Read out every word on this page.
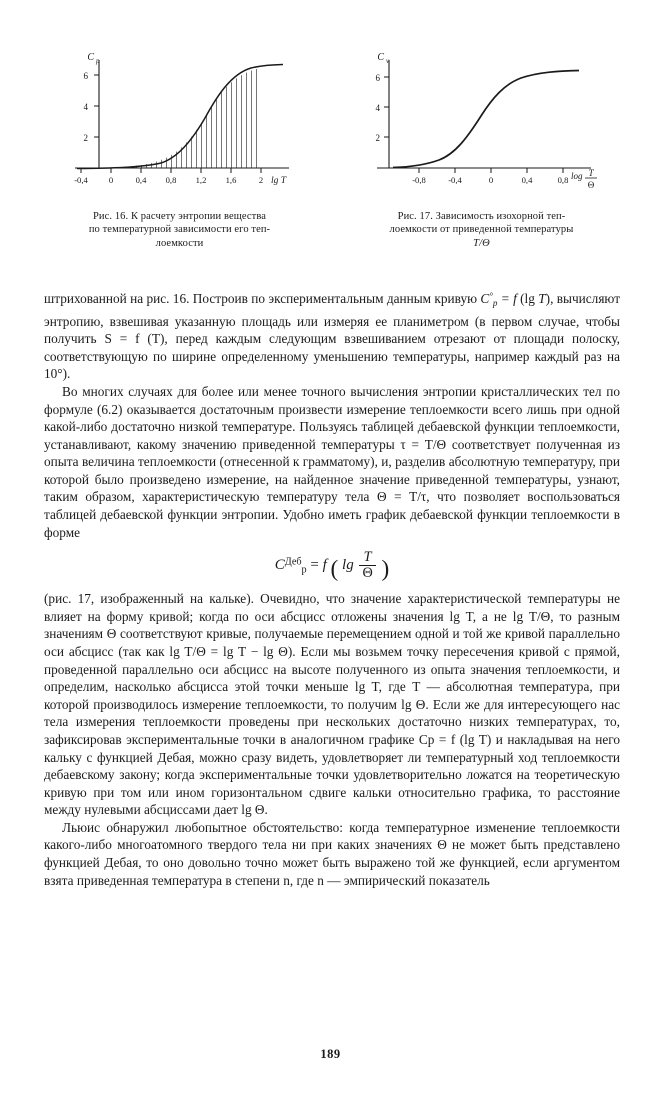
6
4
2
-0,4 0	0,4 0,8 1,2 1,6	2
C p
lg T
Рис. 16. К расчету энтропии вещества
по температурной зависимости его теп-
лоемкости
6
4
2
-0,8	-0,4	0	0,4	0,8
C v
log T
Θ
Рис. 17. Зависимость изохорной теп-
лоемкости от приведенной температуры
T/Θ

штрихованной на рис. 16. Построив по экспериментальным данным кривую $C^\circ_p = f$ (lg T), вычисляют энтропию, взвешивая указанную площадь или измеряя ее планиметром (в первом случае, чтобы получить S = f (T), перед каждым следующим взвешиванием отрезают от площади полоску, соответствующую по ширине определенному уменьшению температуры, например каждый раз на 10°).

Во многих случаях для более или менее точного вычисления энтропии кристаллических тел по формуле (6.2) оказывается достаточным произвести измерение теплоемкости всего лишь при одной какой-либо достаточно низкой температуре. Пользуясь таблицей дебаевской функции теплоемкости, устанавливают, какому значению приведенной температуры τ = T/Θ соответствует полученная из опыта величина теплоемкости (отнесенной к грамматому), и, разделив абсолютную температуру, при которой было произведено измерение, на найденное значение приведенной температуры, узнают, таким образом, характеристическую температуру тела Θ = T/τ, что позволяет воспользоваться таблицей дебаевской функции энтропии. Удобно иметь график дебаевской функции теплоемкости в форме

$C^{Деб}_p = f$ ( $\lg \frac{T}{\Theta}$ )

(рис. 17, изображенный на кальке). Очевидно, что значение характеристической температуры не влияет на форму кривой; когда по оси абсцисс отложены значения lg T, а не lg T/Θ, то разным значениям Θ соответствуют кривые, получаемые перемещением одной и той же кривой параллельно оси абсцисс (так как lg T/Θ = lg T − lg Θ). Если мы возьмем точку пересечения кривой с прямой, проведенной параллельно оси абсцисс на высоте полученного из опыта значения теплоемкости, и определим, насколько абсцисса этой точки меньше lg T, где T — абсолютная температура, при которой производилось измерение теплоемкости, то получим lg Θ. Если же для интересующего нас тела измерения теплоемкости проведены при нескольких достаточно низких температурах, то, зафиксировав экспериментальные точки в аналогичном графике Cp = f (lg T) и накладывая на него кальку с функцией Дебая, можно сразу видеть, удовлетворяет ли температурный ход теплоемкости дебаевскому закону; когда экспериментальные точки удовлетворительно ложатся на теоретическую кривую при том или ином горизонтальном сдвиге кальки относительно графика, то расстояние между нулевыми абсциссами дает lg Θ.

Льюис обнаружил любопытное обстоятельство: когда температурное изменение теплоемкости какого-либо многоатомного твердого тела ни при каких значениях Θ не может быть представлено функцией Дебая, то оно довольно точно может быть выражено той же функцией, если аргументом взята приведенная температура в степени n, где n — эмпирический показатель

189
